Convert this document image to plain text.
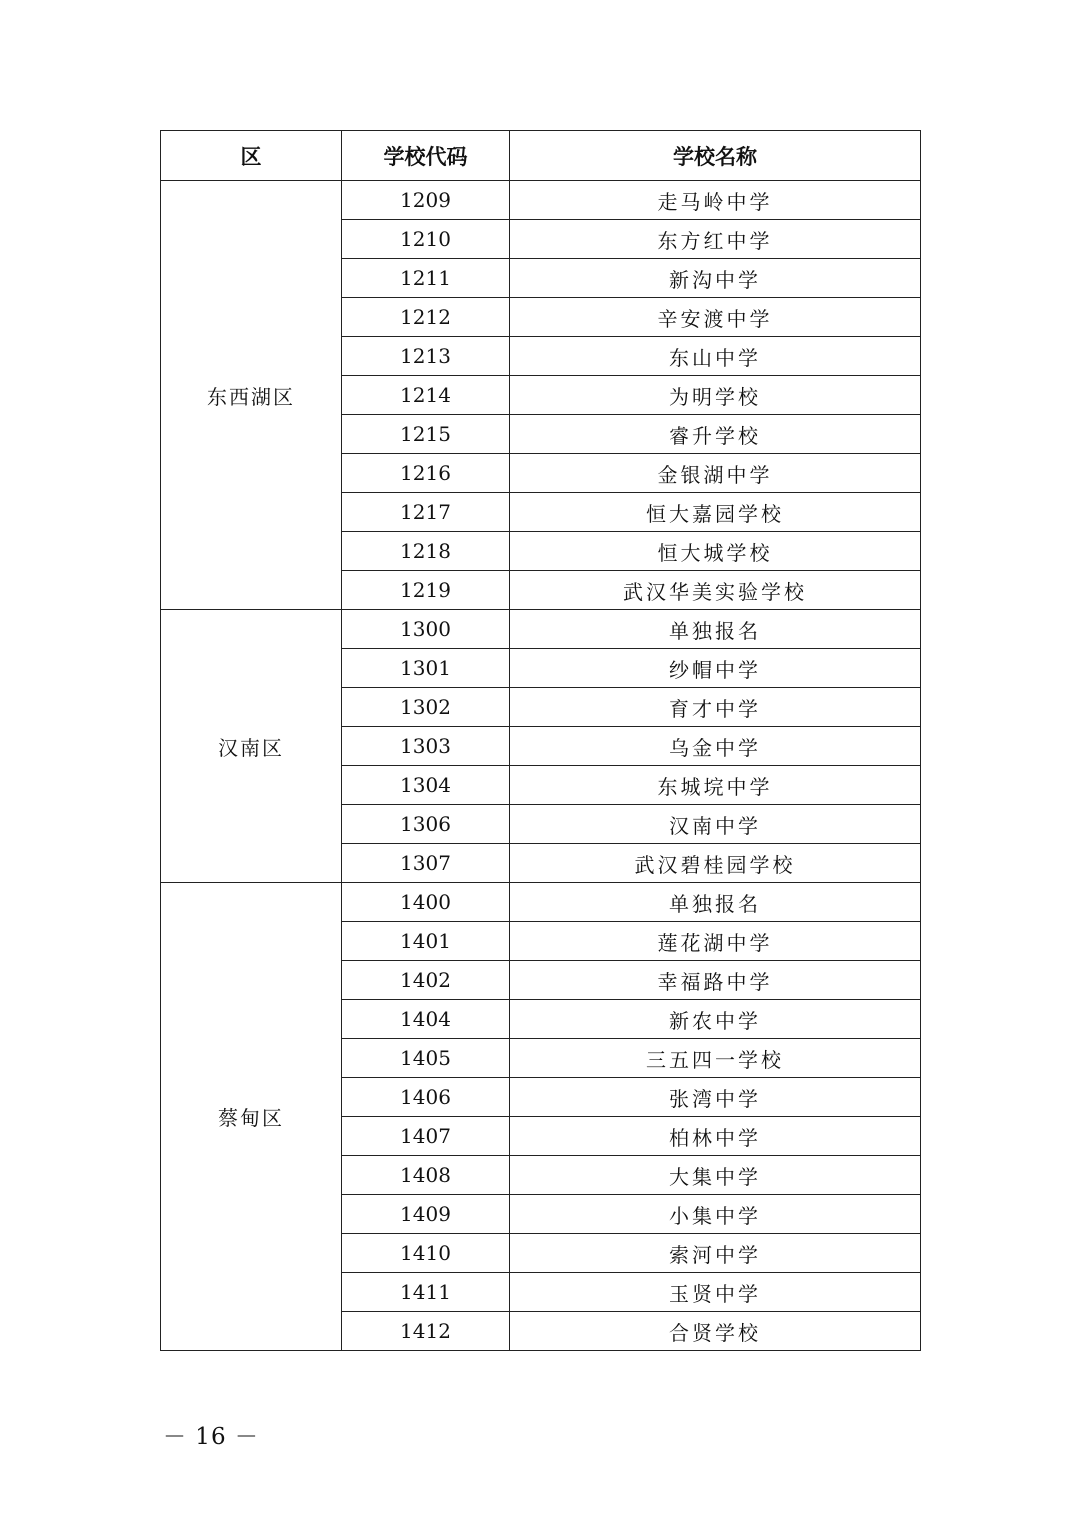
区	学校代码	学校名称
东西湖区	1209	走马岭中学
	1210	东方红中学
	1211	新沟中学
	1212	辛安渡中学
	1213	东山中学
	1214	为明学校
	1215	睿升学校
	1216	金银湖中学
	1217	恒大嘉园学校
	1218	恒大城学校
	1219	武汉华美实验学校
汉南区	1300	单独报名
	1301	纱帽中学
	1302	育才中学
	1303	乌金中学
	1304	东城垸中学
	1306	汉南中学
	1307	武汉碧桂园学校
蔡甸区	1400	单独报名
	1401	莲花湖中学
	1402	幸福路中学
	1404	新农中学
	1405	三五四一学校
	1406	张湾中学
	1407	柏林中学
	1408	大集中学
	1409	小集中学
	1410	索河中学
	1411	玉贤中学
	1412	合贤学校
－ 16 －
